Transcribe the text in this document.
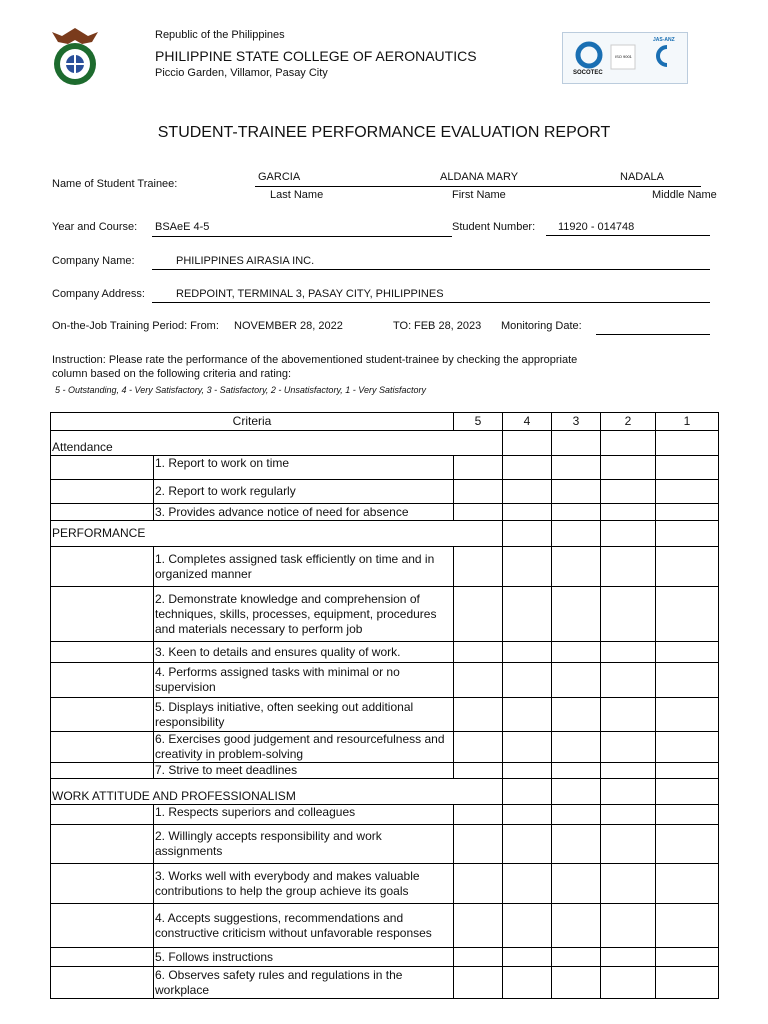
Republic of the Philippines
PHILIPPINE STATE COLLEGE OF AERONAUTICS
Piccio Garden, Villamor, Pasay City	SOCOTEC
ISO 9001
JAS-ANZ
STUDENT-TRAINEE PERFORMANCE EVALUATION REPORT
Name of Student Trainee:
GARCIA	ALDANA MARY	NADALA
Last Name	First Name	Middle Name
Year and Course: BSAeE 4-5	Student Number: 11920 - 014748
Company Name:	PHILIPPINES AIRASIA INC.
Company Address:	REDPOINT, TERMINAL 3, PASAY CITY, PHILIPPINES
On-the-Job Training Period: From: NOVEMBER 28, 2022	TO: FEB 28, 2023 Monitoring Date:
Instruction: Please rate the performance of the abovementioned student-trainee by checking the appropriate
column based on the following criteria and rating:
5 - Outstanding, 4 - Very Satisfactory, 3 - Satisfactory, 2 - Unsatisfactory, 1 - Very Satisfactory
Criteria		5	4	3	2	1
Attendance						
	1. Report to work on time					
	2. Report to work regularly					
	3. Provides advance notice of need for absence					
PERFORMANCE						
	1. Completes assigned task efficiently on time and in organized manner					
	2. Demonstrate knowledge and comprehension of techniques, skills, processes, equipment, procedures and materials necessary to perform job					
	3. Keen to details and ensures quality of work.					
	4. Performs assigned tasks with minimal or no supervision					
	5. Displays initiative, often seeking out additional responsibility					
	6. Exercises good judgement and resourcefulness and creativity in problem-solving					
	7. Strive to meet deadlines					
WORK ATTITUDE AND PROFESSIONALISM						
	1. Respects superiors and colleagues					
	2. Willingly accepts responsibility and work assignments					
	3. Works well with everybody and makes valuable contributions to help the group achieve its goals					
	4. Accepts suggestions, recommendations and constructive criticism without unfavorable responses					
	5. Follows instructions					
	6. Observes safety rules and regulations in the workplace					
